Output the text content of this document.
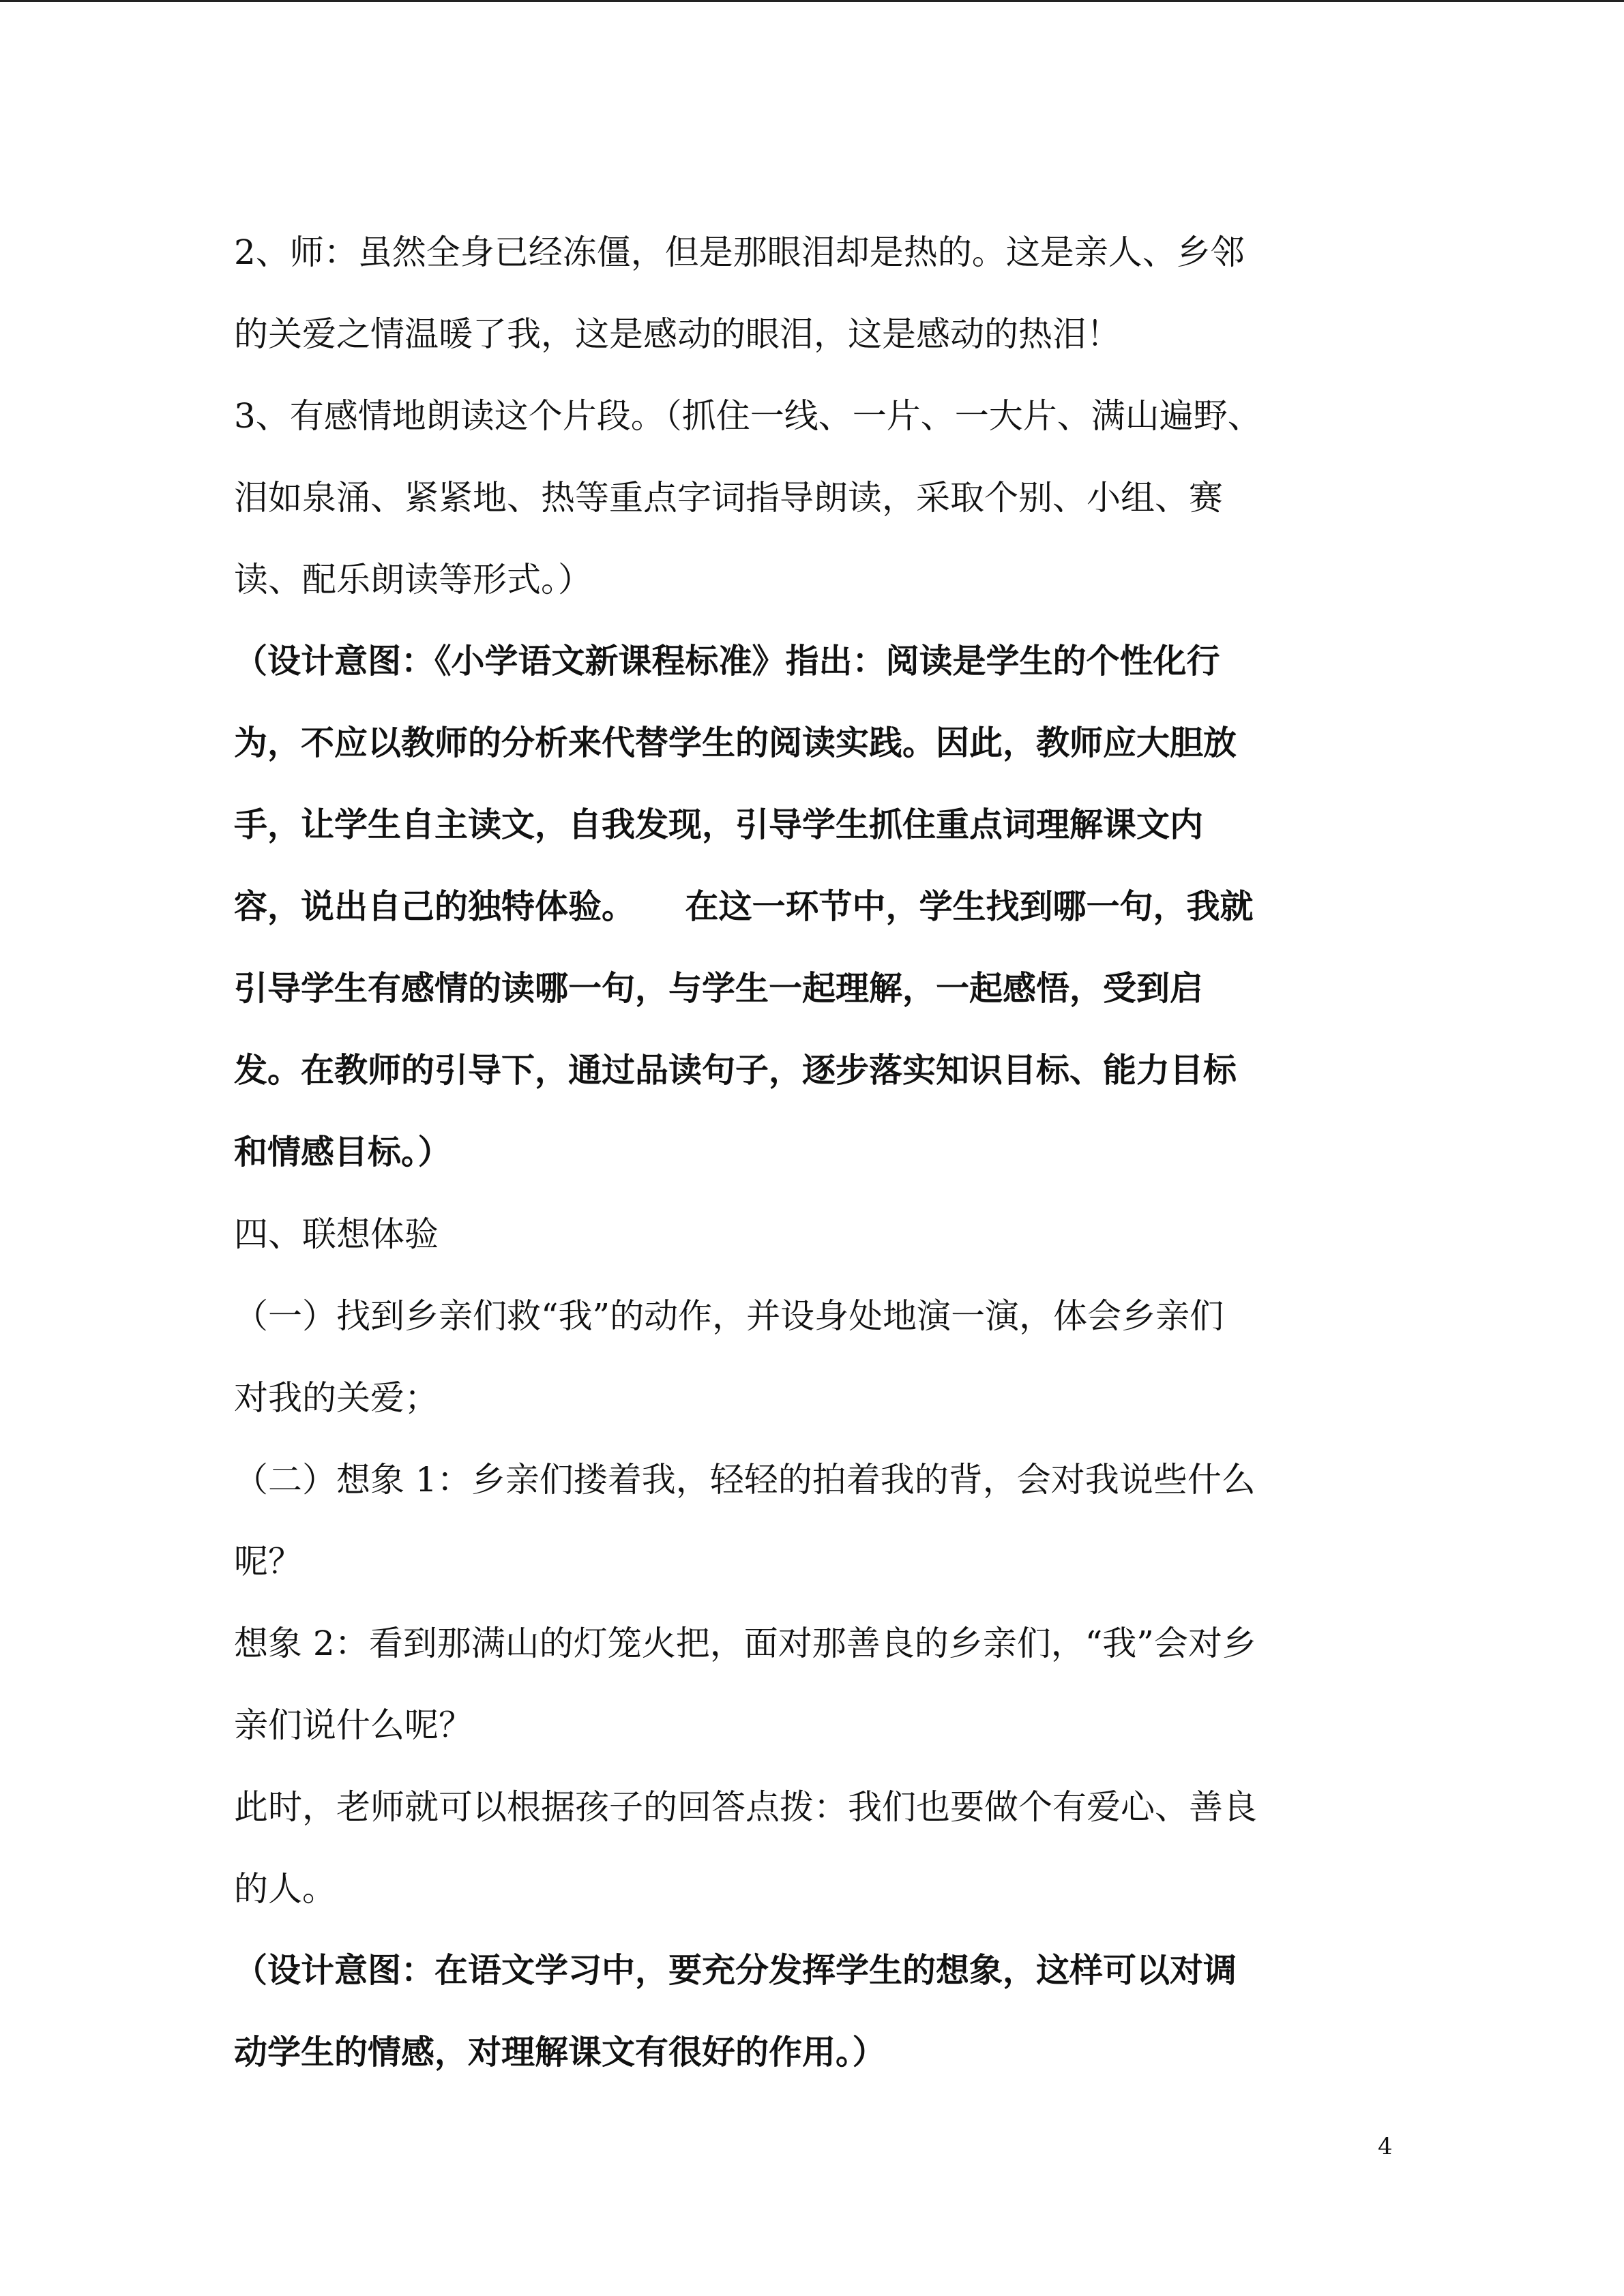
2、师：虽然全身已经冻僵，但是那眼泪却是热的。这是亲人、乡邻
的关爱之情温暖了我，这是感动的眼泪，这是感动的热泪！
3、有感情地朗读这个片段。（抓住一线、一片、一大片、满山遍野、
泪如泉涌、紧紧地、热等重点字词指导朗读，采取个别、小组、赛
读、配乐朗读等形式。）
（设计意图：《小学语文新课程标准》指出：阅读是学生的个性化行
为，不应以教师的分析来代替学生的阅读实践。因此，教师应大胆放
手，让学生自主读文，自我发现，引导学生抓住重点词理解课文内
容，说出自己的独特体验。　　在这一环节中，学生找到哪一句，我就
引导学生有感情的读哪一句，与学生一起理解，一起感悟，受到启
发。在教师的引导下，通过品读句子，逐步落实知识目标、能力目标
和情感目标。）
四、联想体验
（一）找到乡亲们救“我”的动作，并设身处地演一演，体会乡亲们
对我的关爱；
（二）想象 1：乡亲们搂着我，轻轻的拍着我的背，会对我说些什么
呢？
想象 2：看到那满山的灯笼火把，面对那善良的乡亲们，“我”会对乡
亲们说什么呢？
此时，老师就可以根据孩子的回答点拨：我们也要做个有爱心、善良
的人。
（设计意图：在语文学习中，要充分发挥学生的想象，这样可以对调
动学生的情感，对理解课文有很好的作用。）
4
